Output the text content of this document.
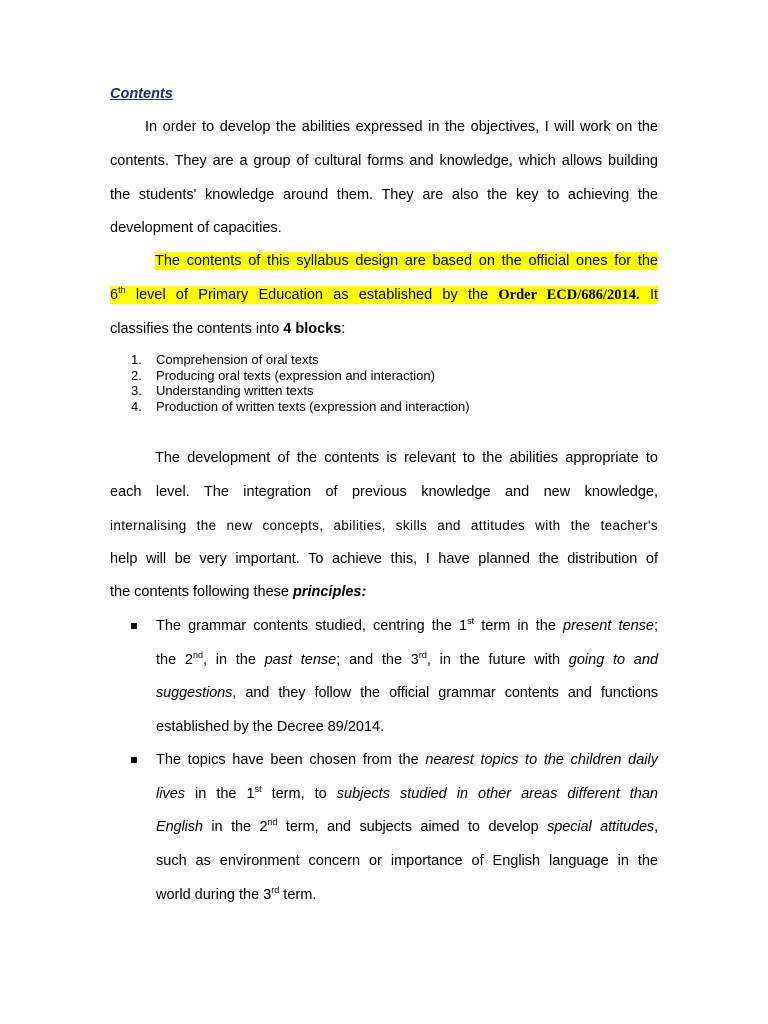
Contents
In order to develop the abilities expressed in the objectives, I will work on the
contents. They are a group of cultural forms and knowledge, which allows building
the students' knowledge around them. They are also the key to achieving the
development of capacities.
The contents of this syllabus design are based on the official ones for the
6th level of Primary Education as established by the Order ECD/686/2014. It
classifies the contents into 4 blocks:
1. Comprehension of oral texts
2. Producing oral texts (expression and interaction)
3. Understanding written texts
4. Production of written texts (expression and interaction)
The development of the contents is relevant to the abilities appropriate to
each level. The integration of previous knowledge and new knowledge,
internalising the new concepts, abilities, skills and attitudes with the teacher's
help will be very important. To achieve this, I have planned the distribution of
the contents following these principles:
The grammar contents studied, centring the 1st term in the present tense;
the 2nd, in the past tense; and the 3rd, in the future with going to and
suggestions, and they follow the official grammar contents and functions
established by the Decree 89/2014.
The topics have been chosen from the nearest topics to the children daily
lives in the 1st term, to subjects studied in other areas different than
English in the 2nd term, and subjects aimed to develop special attitudes,
such as environment concern or importance of English language in the
world during the 3rd term.
